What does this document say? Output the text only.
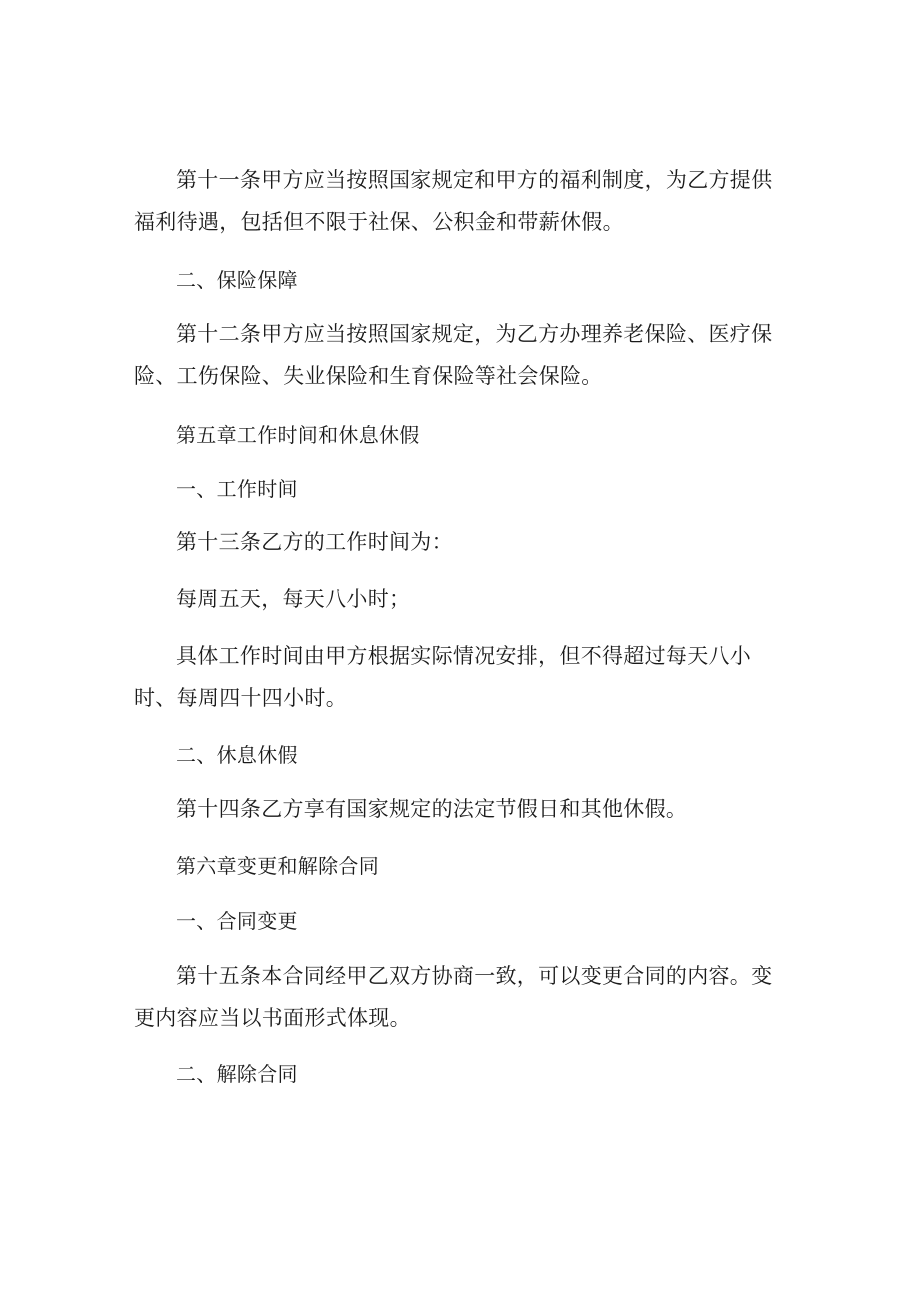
第十一条甲方应当按照国家规定和甲方的福利制度，为乙方提供福利待遇，包括但不限于社保、公积金和带薪休假。

二、保险保障

第十二条甲方应当按照国家规定，为乙方办理养老保险、医疗保险、工伤保险、失业保险和生育保险等社会保险。

第五章工作时间和休息休假

一、工作时间

第十三条乙方的工作时间为：

每周五天，每天八小时；

具体工作时间由甲方根据实际情况安排，但不得超过每天八小时、每周四十四小时。

二、休息休假

第十四条乙方享有国家规定的法定节假日和其他休假。

第六章变更和解除合同

一、合同变更

第十五条本合同经甲乙双方协商一致，可以变更合同的内容。变更内容应当以书面形式体现。

二、解除合同
